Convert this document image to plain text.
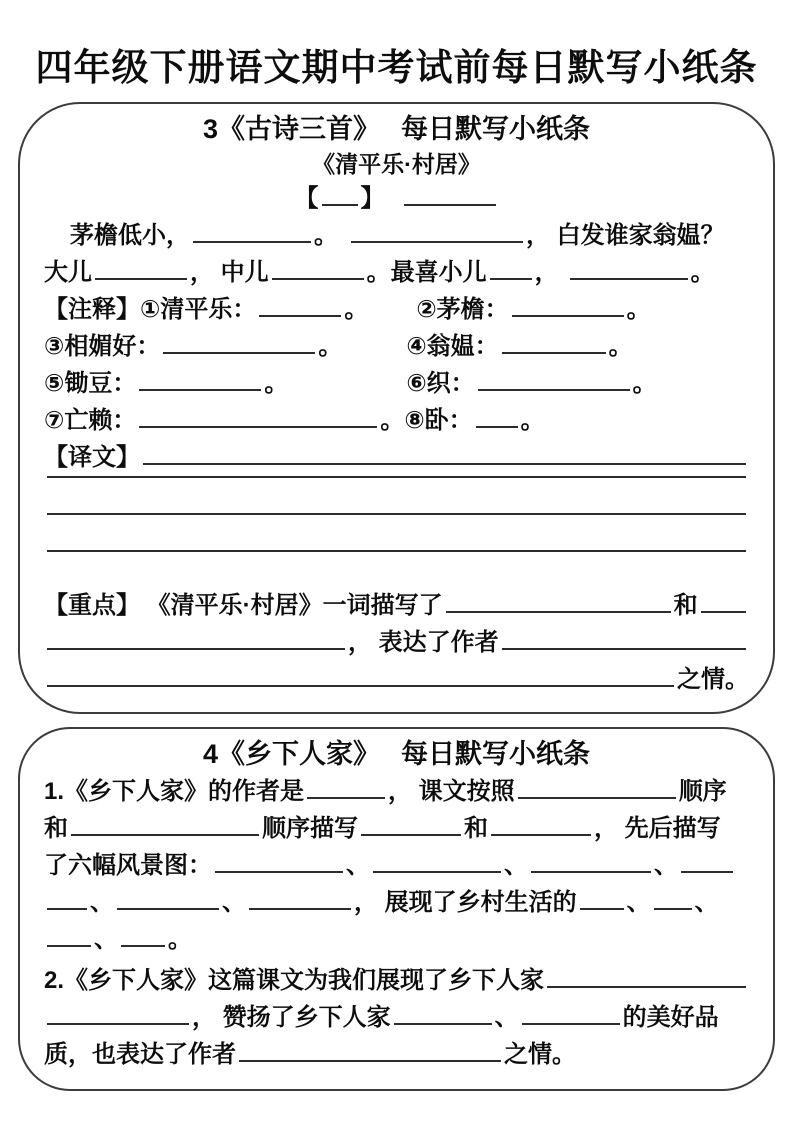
四年级下册语文期中考试前每日默写小纸条
3《古诗三首》　 每日默写小纸条
《清平乐·村居》
【 】
茅檐低小，	。	， 白发谁家翁媪？
大儿	， 中儿	。最喜小儿 ，	。
【注释】①清平乐：	。 ②茅檐：	。
③相媚好：	。	④翁媪：	。
⑤锄豆：	。	⑥织：	。
⑦亡赖：	。⑧卧： 。
【译文】
【重点】 《清平乐·村居》一词描写了	和
， 表达了作者
之情。
4《乡下人家》　 每日默写小纸条
1.《乡下人家》的作者是	， 课文按照	顺序
和	顺序描写	和	， 先后描写
了六幅风景图：	、	、	、
、	、	， 展现了乡村生活的 、 、
、 。
2.《乡下人家》这篇课文为我们展现了乡下人家
， 赞扬了乡下人家	、	的美好品
质，也表达了作者	之情。
